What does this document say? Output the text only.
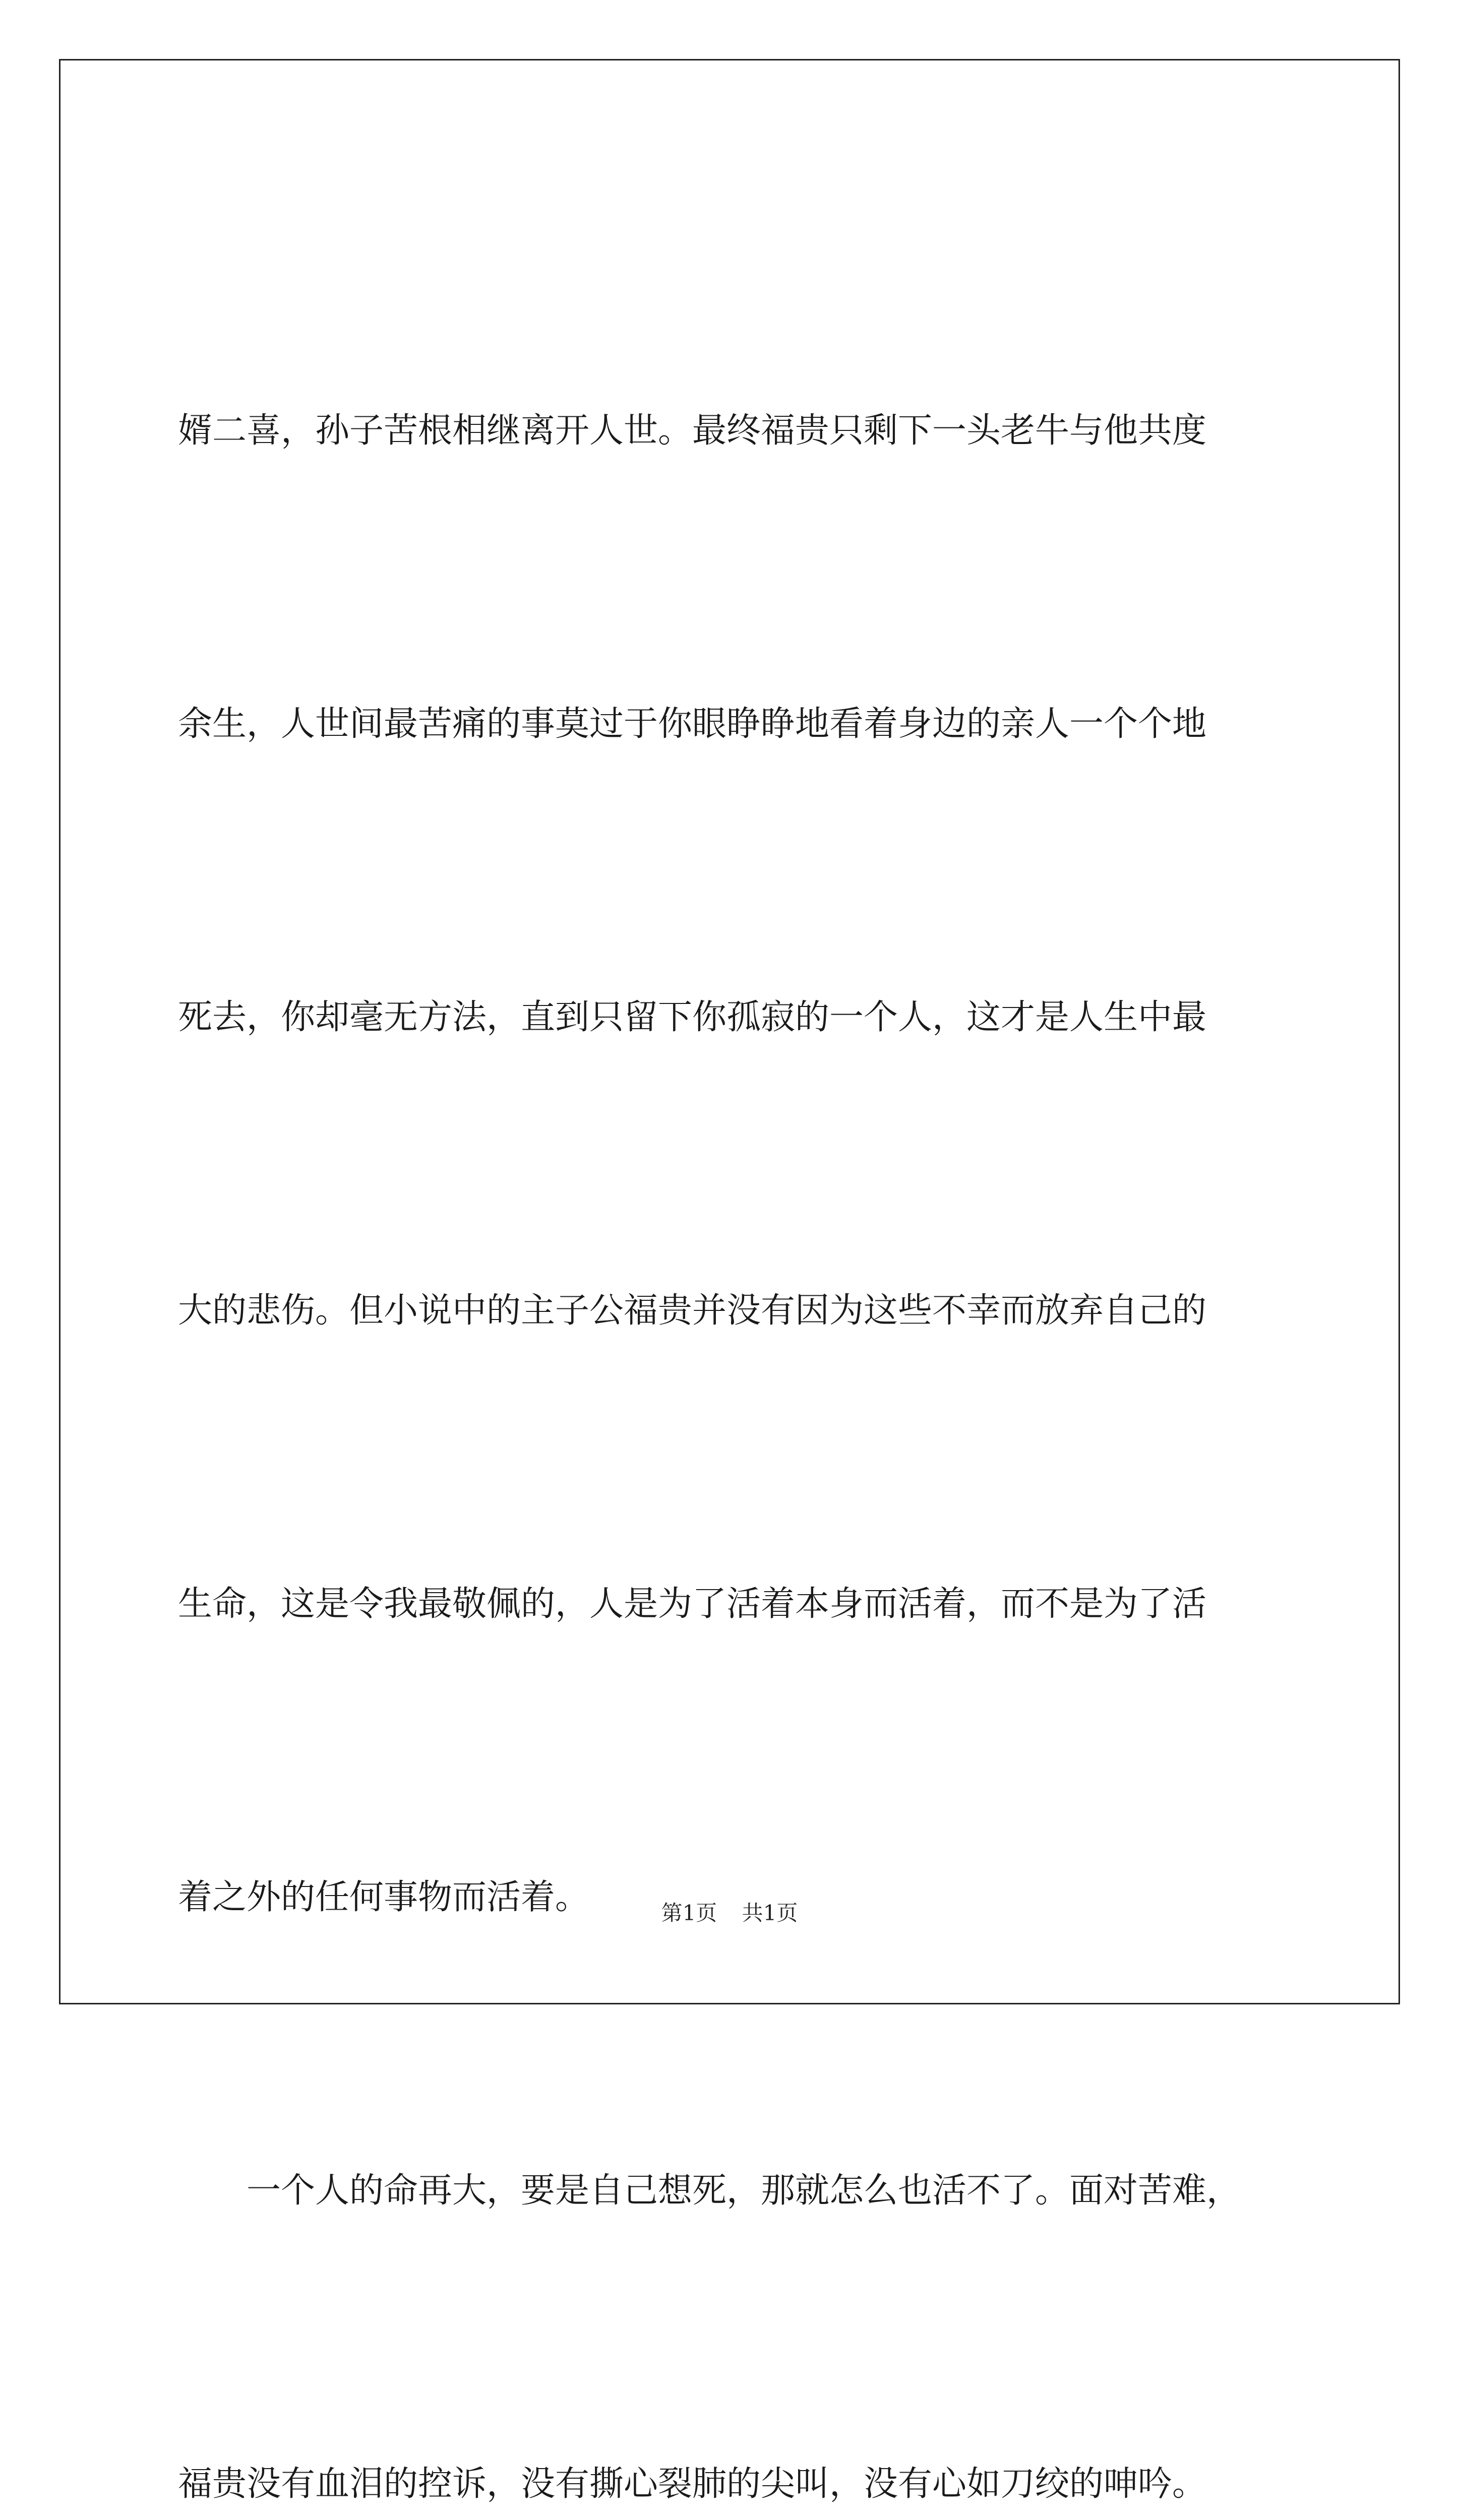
婿二喜，孙子苦根相继离开人世。最终福贵只剩下一头老牛与他共度

余生，人世间最苦痛的事莫过于你眼睁睁地看着身边的亲人一个个地

死去，你却毫无方法，直到只留下你孤寂的一个人，这才是人生中最

大的悲伤。但小说中的主子公福贵并没有因为这些不幸而放弃自己的

生命，这是令我最敬佩的，人是为了活着本身而活着，而不是为了活

着之外的任何事物而活着。

　　一个人的命再大，要是自己想死，那就怎么也活不了。面对苦难，

福贵没有血泪的控诉，没有撕心裂肺的尖叫，没有心如刀绞的呻吟。

第1页 共1页
